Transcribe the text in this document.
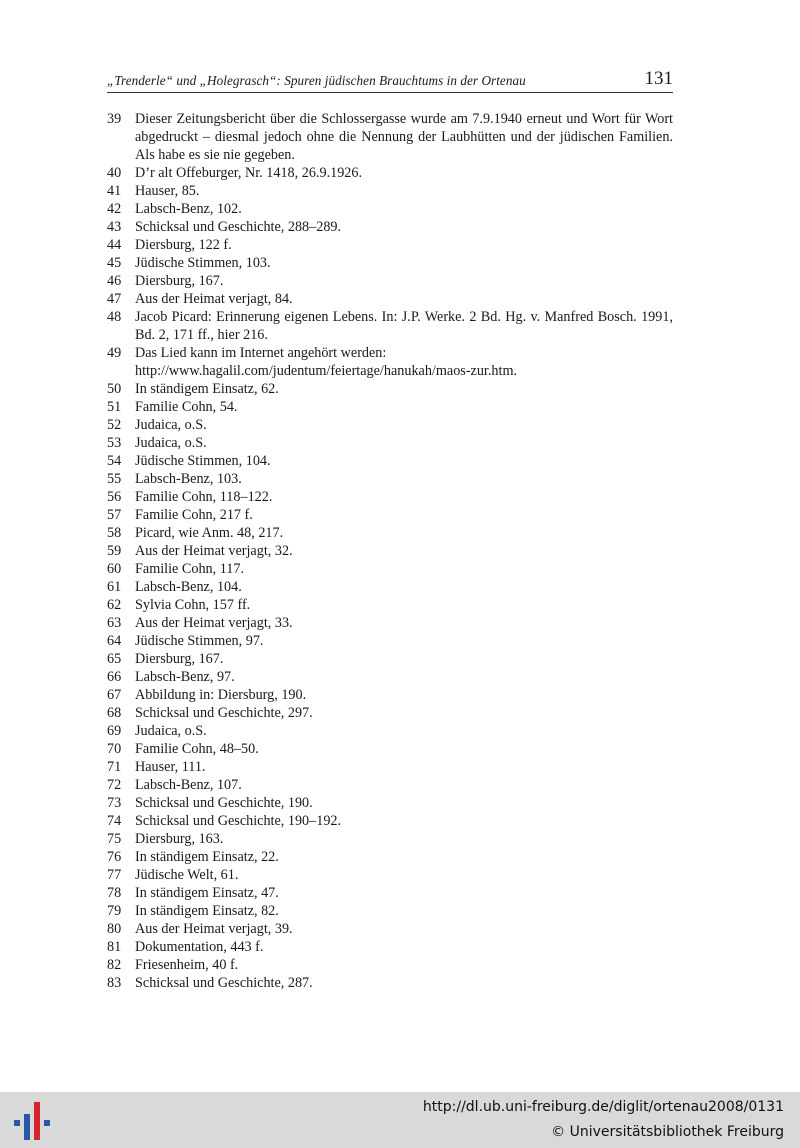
„Trenderle“ und „Holegrasch“: Spuren jüdischen Brauchtums in der Ortenau	131
39 Dieser Zeitungsbericht über die Schlossergasse wurde am 7.9.1940 erneut und Wort für Wort abgedruckt – diesmal jedoch ohne die Nennung der Laubhütten und der jüdischen Familien. Als habe es sie nie gegeben.
40 D’r alt Offeburger, Nr. 1418, 26.9.1926.
41 Hauser, 85.
42 Labsch-Benz, 102.
43 Schicksal und Geschichte, 288–289.
44 Diersburg, 122 f.
45 Jüdische Stimmen, 103.
46 Diersburg, 167.
47 Aus der Heimat verjagt, 84.
48 Jacob Picard: Erinnerung eigenen Lebens. In: J.P. Werke. 2 Bd. Hg. v. Manfred Bosch. 1991, Bd. 2, 171 ff., hier 216.
49 Das Lied kann im Internet angehört werden:
http://www.hagalil.com/judentum/feiertage/hanukah/maos-zur.htm.
50 In ständigem Einsatz, 62.
51 Familie Cohn, 54.
52 Judaica, o.S.
53 Judaica, o.S.
54 Jüdische Stimmen, 104.
55 Labsch-Benz, 103.
56 Familie Cohn, 118–122.
57 Familie Cohn, 217 f.
58 Picard, wie Anm. 48, 217.
59 Aus der Heimat verjagt, 32.
60 Familie Cohn, 117.
61 Labsch-Benz, 104.
62 Sylvia Cohn, 157 ff.
63 Aus der Heimat verjagt, 33.
64 Jüdische Stimmen, 97.
65 Diersburg, 167.
66 Labsch-Benz, 97.
67 Abbildung in: Diersburg, 190.
68 Schicksal und Geschichte, 297.
69 Judaica, o.S.
70 Familie Cohn, 48–50.
71 Hauser, 111.
72 Labsch-Benz, 107.
73 Schicksal und Geschichte, 190.
74 Schicksal und Geschichte, 190–192.
75 Diersburg, 163.
76 In ständigem Einsatz, 22.
77 Jüdische Welt, 61.
78 In ständigem Einsatz, 47.
79 In ständigem Einsatz, 82.
80 Aus der Heimat verjagt, 39.
81 Dokumentation, 443 f.
82 Friesenheim, 40 f.
83 Schicksal und Geschichte, 287.
http://dl.ub.uni-freiburg.de/diglit/ortenau2008/0131
© Universitätsbibliothek Freiburg
